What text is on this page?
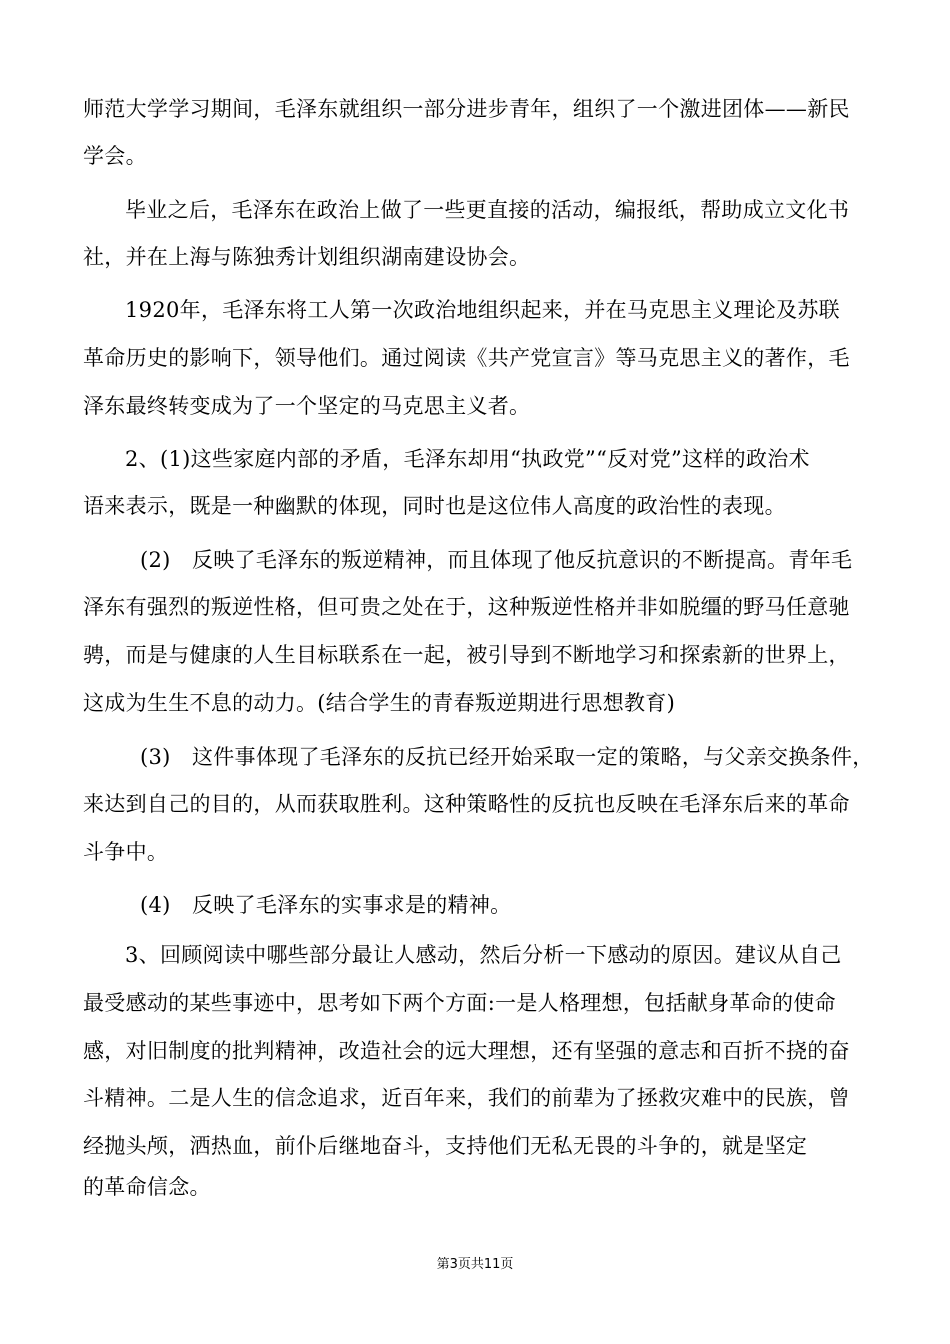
师范大学学习期间，毛泽东就组织一部分进步青年，组织了一个激进团体——新民
学会。
毕业之后，毛泽东在政治上做了一些更直接的活动，编报纸，帮助成立文化书
社，并在上海与陈独秀计划组织湖南建设协会。
1920年，毛泽东将工人第一次政治地组织起来，并在马克思主义理论及苏联
革命历史的影响下，领导他们。通过阅读《共产党宣言》等马克思主义的著作，毛
泽东最终转变成为了一个坚定的马克思主义者。
2、(1)这些家庭内部的矛盾，毛泽东却用“执政党”“反对党”这样的政治术
语来表示，既是一种幽默的体现，同时也是这位伟人高度的政治性的表现。
(2)　反映了毛泽东的叛逆精神，而且体现了他反抗意识的不断提高。青年毛
泽东有强烈的叛逆性格，但可贵之处在于，这种叛逆性格并非如脱缰的野马任意驰
骋，而是与健康的人生目标联系在一起，被引导到不断地学习和探索新的世界上，
这成为生生不息的动力。(结合学生的青春叛逆期进行思想教育)
(3)　这件事体现了毛泽东的反抗已经开始采取一定的策略，与父亲交换条件，
来达到自己的目的，从而获取胜利。这种策略性的反抗也反映在毛泽东后来的革命
斗争中。
(4)　反映了毛泽东的实事求是的精神。
3、回顾阅读中哪些部分最让人感动，然后分析一下感动的原因。建议从自己
最受感动的某些事迹中，思考如下两个方面:一是人格理想，包括献身革命的使命
感，对旧制度的批判精神，改造社会的远大理想，还有坚强的意志和百折不挠的奋
斗精神。二是人生的信念追求，近百年来，我们的前辈为了拯救灾难中的民族，曾
经抛头颅，洒热血，前仆后继地奋斗，支持他们无私无畏的斗争的，就是坚定
的革命信念。
第3页共11页
